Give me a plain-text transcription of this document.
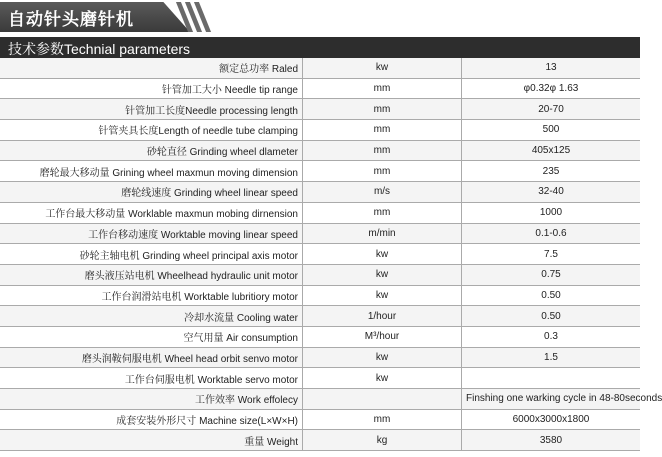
自动针头磨针机
技术参数Technial parameters
额定总功率 Raled	kw	13
针管加工大小 Needle tip range	mm	φ0.32φ 1.63
针管加工长度Needle processing length	mm	20-70
针管夹具长度Length of needle tube clamping	mm	500
砂轮直径 Grinding wheel dlameter	mm	405x125
磨轮最大移动量 Grining wheel maxmun moving dimension	mm	235
磨轮线速度 Grinding wheel linear speed	m/s	32-40
工作台最大移动量 Worklable maxmun mobing dirnension	mm	1000
工作台移动速度 Worktable moving linear speed	m/min	0.1-0.6
砂轮主轴电机 Grinding wheel principal axis motor	kw	7.5
磨头液压站电机 Wheelhead hydraulic unit motor	kw	0.75
工作台润滑站电机 Worktable lubritiory motor	kw	0.50
冷却水流量 Cooling water	1/hour	0.50
空气用量 Air consumption	M³/hour	0.3
磨头润鞍伺服电机 Wheel head orbit senvo motor	kw	1.5
工作台伺服电机 Worktable servo motor	kw	
工作效率 Work effolecy		Finshing one warking cycle in 48-80seconds
成套安装外形尺寸 Machine size(L×W×H)	mm	6000x3000x1800
重量 Weight	kg	3580
